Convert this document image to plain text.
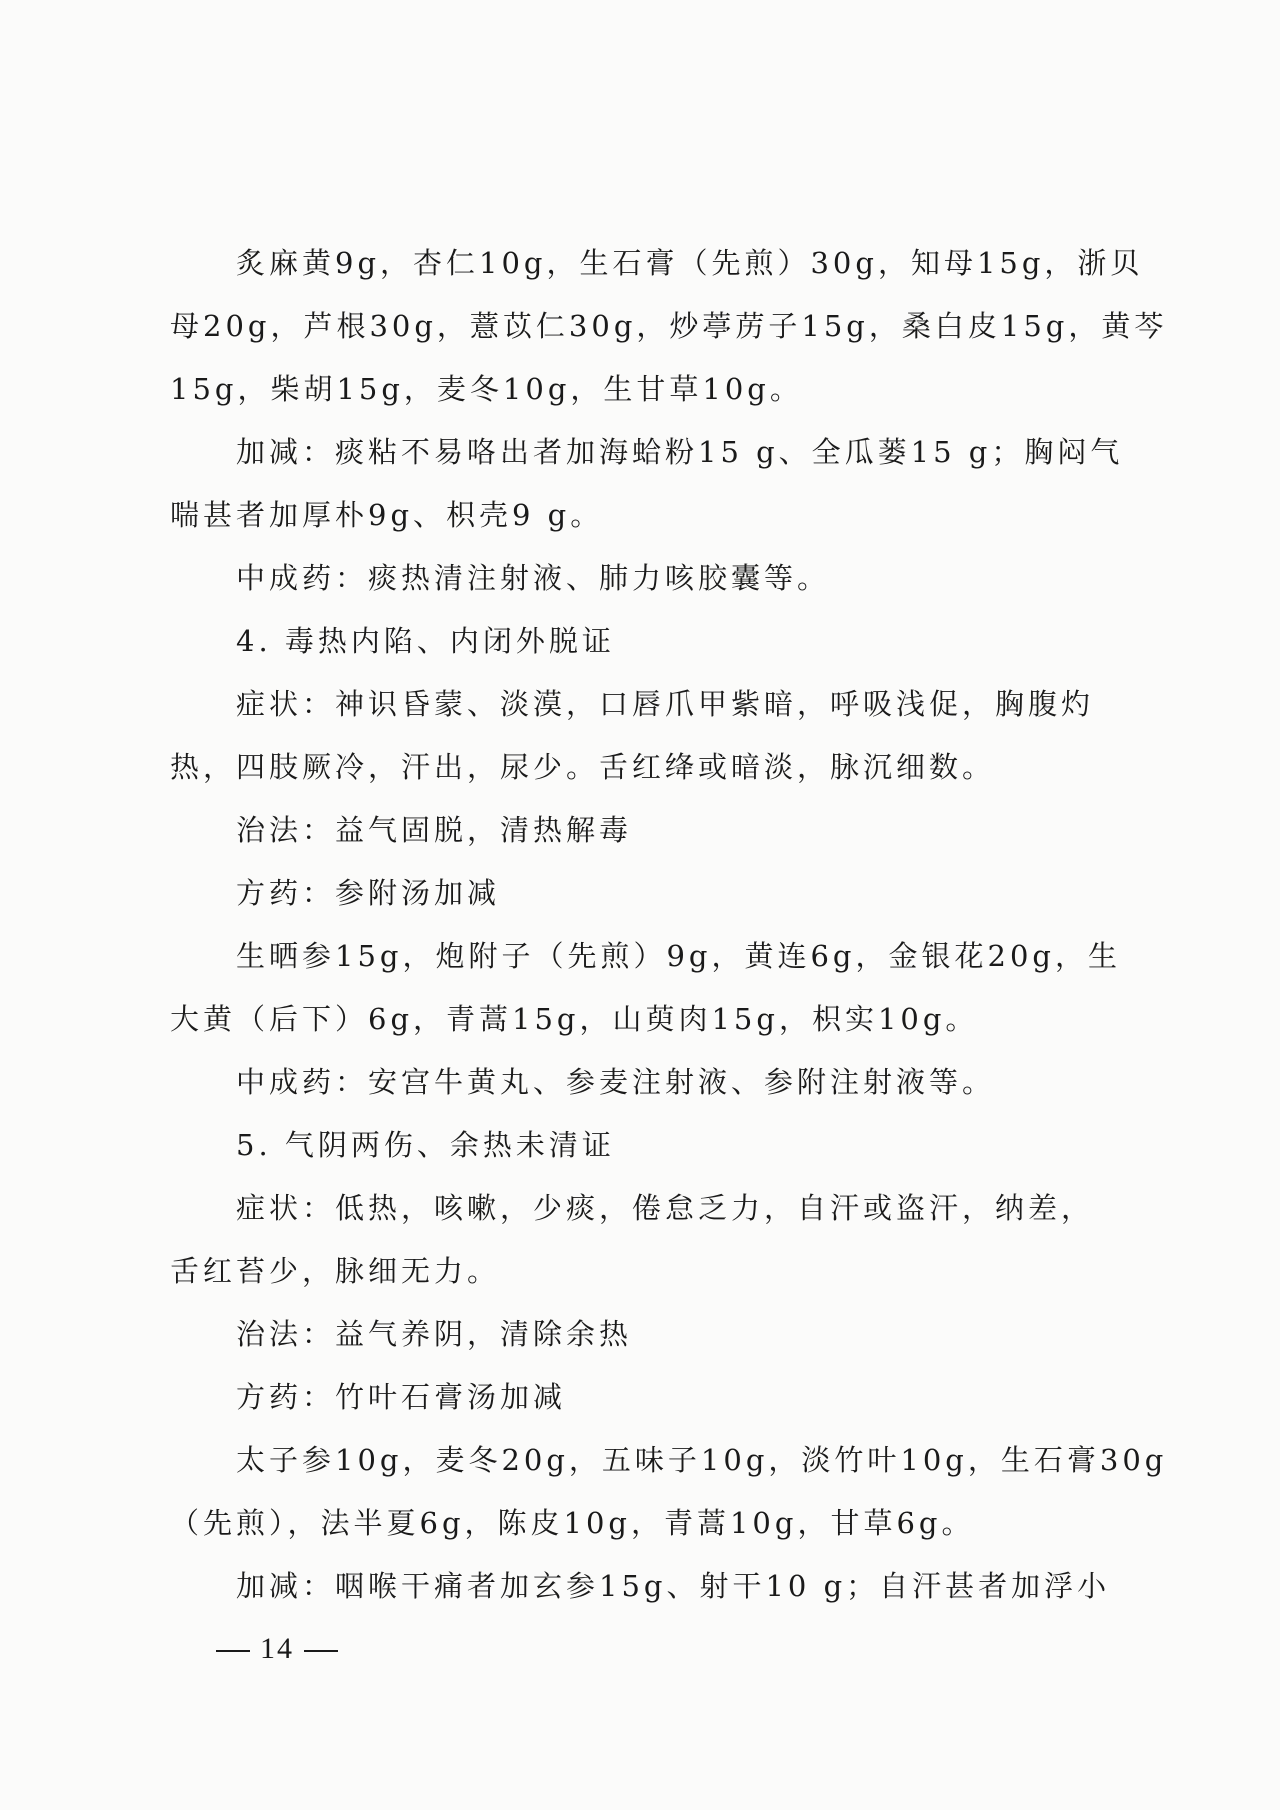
炙麻黄9g，杏仁10g，生石膏（先煎）30g，知母15g，浙贝
母20g，芦根30g，薏苡仁30g，炒葶苈子15g，桑白皮15g，黄芩
15g，柴胡15g，麦冬10g，生甘草10g。
加减：痰粘不易咯出者加海蛤粉15 g、全瓜蒌15 g；胸闷气
喘甚者加厚朴9g、枳壳9 g。
中成药：痰热清注射液、肺力咳胶囊等。
4. 毒热内陷、内闭外脱证
症状：神识昏蒙、淡漠，口唇爪甲紫暗，呼吸浅促，胸腹灼
热，四肢厥冷，汗出，尿少。舌红绛或暗淡，脉沉细数。
治法：益气固脱，清热解毒
方药：参附汤加减
生晒参15g，炮附子（先煎）9g，黄连6g，金银花20g，生
大黄（后下）6g，青蒿15g，山萸肉15g，枳实10g。
中成药：安宫牛黄丸、参麦注射液、参附注射液等。
5. 气阴两伤、余热未清证
症状：低热，咳嗽，少痰，倦怠乏力，自汗或盗汗，纳差，
舌红苔少，脉细无力。
治法：益气养阴，清除余热
方药：竹叶石膏汤加减
太子参10g，麦冬20g，五味子10g，淡竹叶10g，生石膏30g
（先煎），法半夏6g，陈皮10g，青蒿10g，甘草6g。
加减：咽喉干痛者加玄参15g、射干10 g；自汗甚者加浮小
14
